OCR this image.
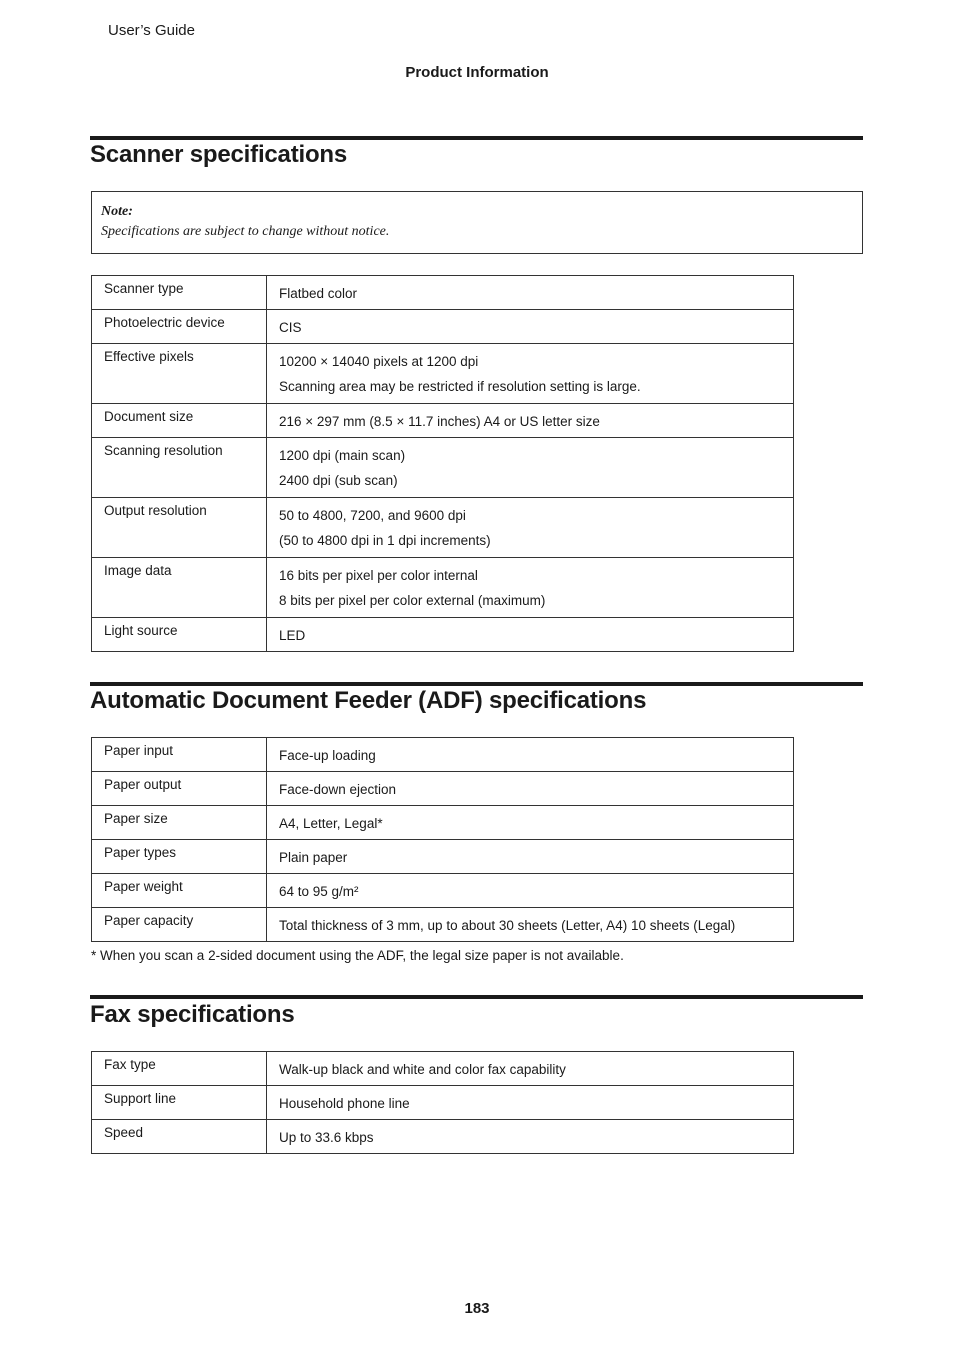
User’s Guide
Product Information
Scanner specifications
Note:
Specifications are subject to change without notice.
Scanner type	Flatbed color

Photoelectric device	CIS

Effective pixels	10200 × 14040 pixels at 1200 dpi
Scanning area may be restricted if resolution setting is large.

Document size	216 × 297 mm (8.5 × 11.7 inches) A4 or US letter size

Scanning resolution	1200 dpi (main scan)
2400 dpi (sub scan)

Output resolution	50 to 4800, 7200, and 9600 dpi
(50 to 4800 dpi in 1 dpi increments)

Image data	16 bits per pixel per color internal
8 bits per pixel per color external (maximum)

Light source	LED
Automatic Document Feeder (ADF) specifications
Paper input	Face-up loading

Paper output	Face-down ejection

Paper size	A4, Letter, Legal*

Paper types	Plain paper

Paper weight	64 to 95 g/m²

Paper capacity	Total thickness of 3 mm, up to about 30 sheets (Letter, A4) 10 sheets (Legal)
* When you scan a 2-sided document using the ADF, the legal size paper is not available.
Fax specifications
Fax type	Walk-up black and white and color fax capability

Support line	Household phone line

Speed	Up to 33.6 kbps
183
